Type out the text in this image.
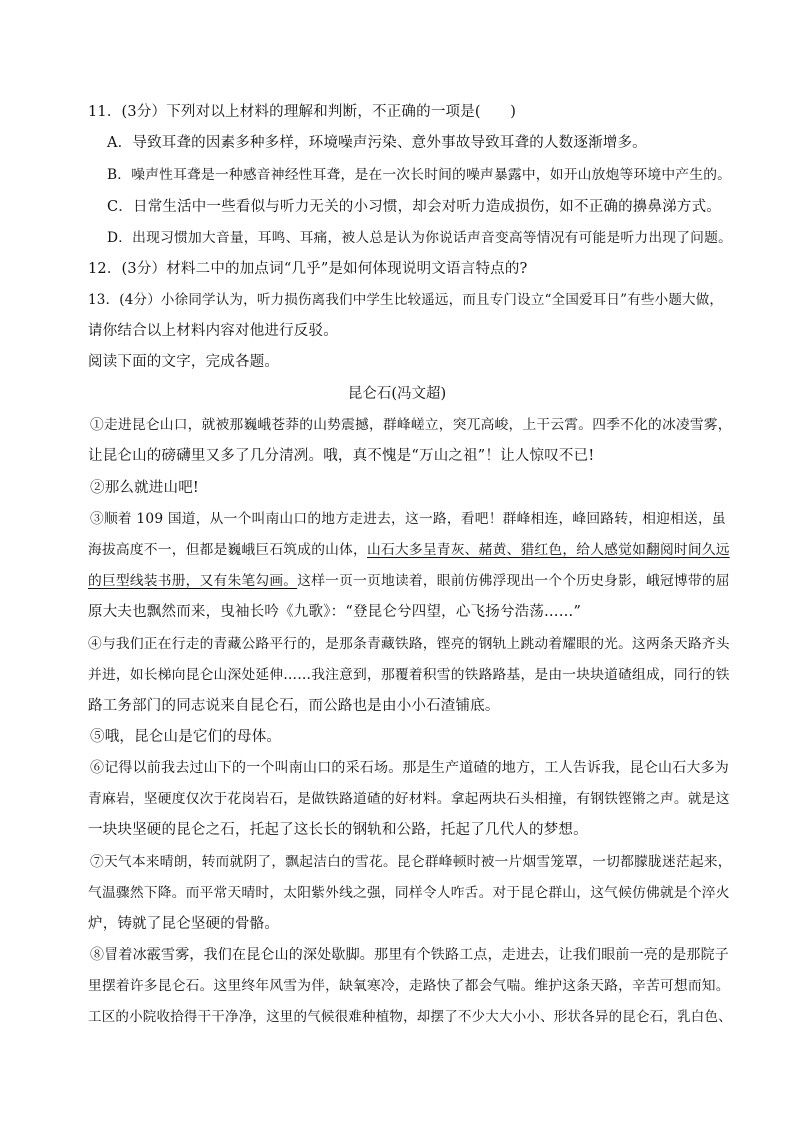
11．(3分）下列对以上材料的理解和判断，不正确的一项是(　　)
A．导致耳聋的因素多种多样，环境噪声污染、意外事故导致耳聋的人数逐渐增多。
B．噪声性耳聋是一种感音神经性耳聋，是在一次长时间的噪声暴露中，如开山放炮等环境中产生的。
C．日常生活中一些看似与听力无关的小习惯，却会对听力造成损伤，如不正确的擤鼻涕方式。
D．出现习惯加大音量，耳鸣、耳痛，被人总是认为你说话声音变高等情况有可能是听力出现了问题。
12．(3分）材料二中的加点词“几乎”是如何体现说明文语言特点的?
13．(4分）小徐同学认为，听力损伤离我们中学生比较遥远，而且专门设立“全国爱耳日”有些小题大做，
请你结合以上材料内容对他进行反驳。
阅读下面的文字，完成各题。
昆仑石(冯文超)
①走进昆仑山口，就被那巍峨苍莽的山势震撼，群峰嵯立，突兀高峻，上干云霄。四季不化的冰凌雪雾，
让昆仑山的磅礴里又多了几分清冽。哦，真不愧是“万山之祖”！让人惊叹不已!
②那么就进山吧!
③顺着 109 国道，从一个叫南山口的地方走进去，这一路，看吧！群峰相连，峰回路转，相迎相送，虽
海拔高度不一，但都是巍峨巨石筑成的山体，山石大多呈青灰、赭黄、猎红色，给人感觉如翻阅时间久远
的巨型线装书册，又有朱笔勾画。这样一页一页地读着，眼前仿佛浮现出一个个历史身影，峨冠博带的屈
原大夫也飘然而来，曳袖长吟《九歌》：“登昆仑兮四望，心飞扬兮浩荡……”
④与我们正在行走的青藏公路平行的，是那条青藏铁路，铿亮的钢轨上跳动着耀眼的光。这两条天路齐头
并进，如长梯向昆仑山深处延伸……我注意到，那覆着积雪的铁路路基，是由一块块道碴组成，同行的铁
路工务部门的同志说来自昆仑石，而公路也是由小小石渣铺底。
⑤哦，昆仑山是它们的母体。
⑥记得以前我去过山下的一个叫南山口的采石场。那是生产道碴的地方，工人告诉我，昆仑山石大多为
青麻岩，坚硬度仅次于花岗岩石，是做铁路道碴的好材料。拿起两块石头相撞，有钢铁铿锵之声。就是这
一块块坚硬的昆仑之石，托起了这长长的钢轨和公路，托起了几代人的梦想。
⑦天气本来晴朗，转而就阴了，飘起洁白的雪花。昆仑群峰顿时被一片烟雪笼罩，一切都朦胧迷茫起来，
气温骤然下降。而平常天晴时，太阳紫外线之强，同样令人咋舌。对于昆仑群山，这气候仿佛就是个淬火
炉，铸就了昆仑坚硬的骨骼。
⑧冒着冰霰雪雾，我们在昆仑山的深处歇脚。那里有个铁路工点，走进去，让我们眼前一亮的是那院子
里摆着许多昆仑石。这里终年风雪为伴，缺氧寒冷，走路快了都会气喘。维护这条天路，辛苦可想而知。
工区的小院收拾得干干净净，这里的气候很难种植物，却摆了不少大大小小、形状各异的昆仑石，乳白色、
